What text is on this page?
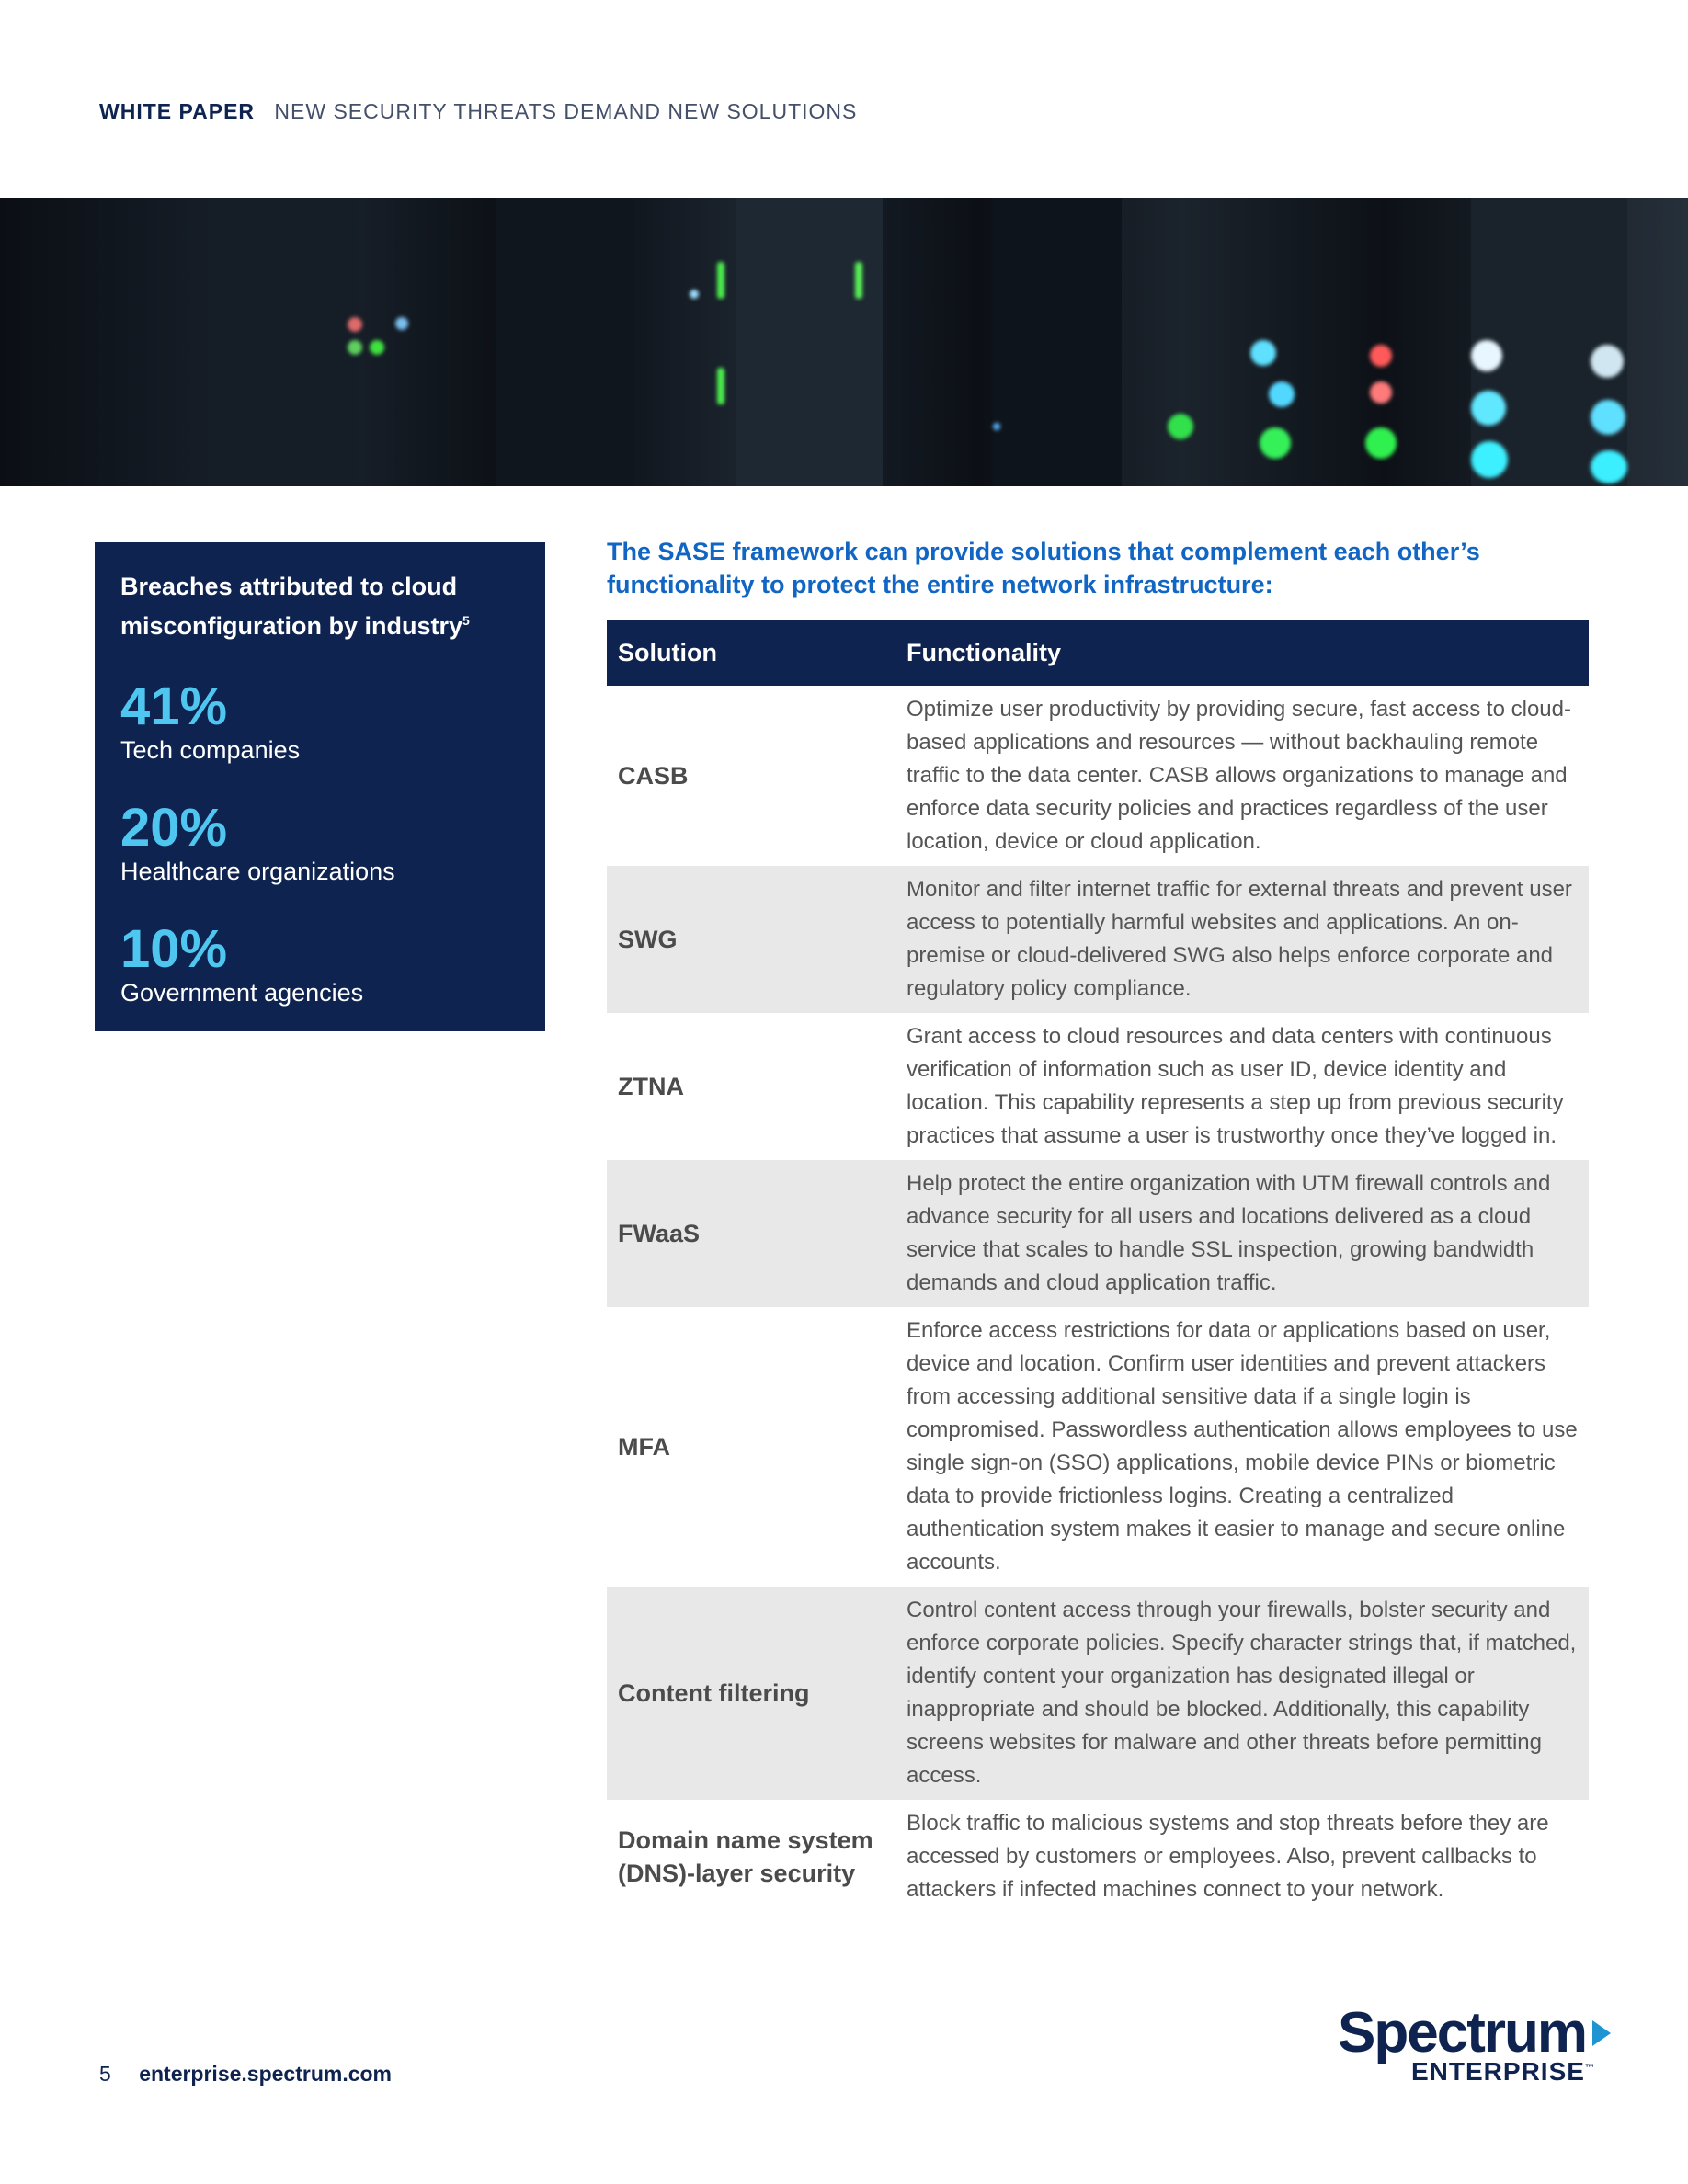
WHITE PAPER NEW SECURITY THREATS DEMAND NEW SOLUTIONS
Breaches attributed to cloud misconfiguration by industry$^5$
41%
Tech companies
20%
Healthcare organizations
10%
Government agencies
The SASE framework can provide solutions that complement each other’s functionality to protect the entire network infrastructure:
Solution	Functionality
CASB	Optimize user productivity by providing secure, fast access to cloud-based applications and resources — without backhauling remote traffic to the data center. CASB allows organizations to manage and enforce data security policies and practices regardless of the user location, device or cloud application.
SWG	Monitor and filter internet traffic for external threats and prevent user access to potentially harmful websites and applications. An on-premise or cloud-delivered SWG also helps enforce corporate and regulatory policy compliance.
ZTNA	Grant access to cloud resources and data centers with continuous verification of information such as user ID, device identity and location. This capability represents a step up from previous security practices that assume a user is trustworthy once they’ve logged in.
FWaaS	Help protect the entire organization with UTM firewall controls and advance security for all users and locations delivered as a cloud service that scales to handle SSL inspection, growing bandwidth demands and cloud application traffic.
MFA	Enforce access restrictions for data or applications based on user, device and location. Confirm user identities and prevent attackers from accessing additional sensitive data if a single login is compromised. Passwordless authentication allows employees to use single sign-on (SSO) applications, mobile device PINs or biometric data to provide frictionless logins. Creating a centralized authentication system makes it easier to manage and secure online accounts.
Content filtering	Control content access through your firewalls, bolster security and enforce corporate policies. Specify character strings that, if matched, identify content your organization has designated illegal or inappropriate and should be blocked. Additionally, this capability screens websites for malware and other threats before permitting access.
Domain name system (DNS)-layer security	Block traffic to malicious systems and stop threats before they are accessed by customers or employees. Also, prevent callbacks to attackers if infected machines connect to your network.
5 enterprise.spectrum.com
Spectrum
ENTERPRISE™
